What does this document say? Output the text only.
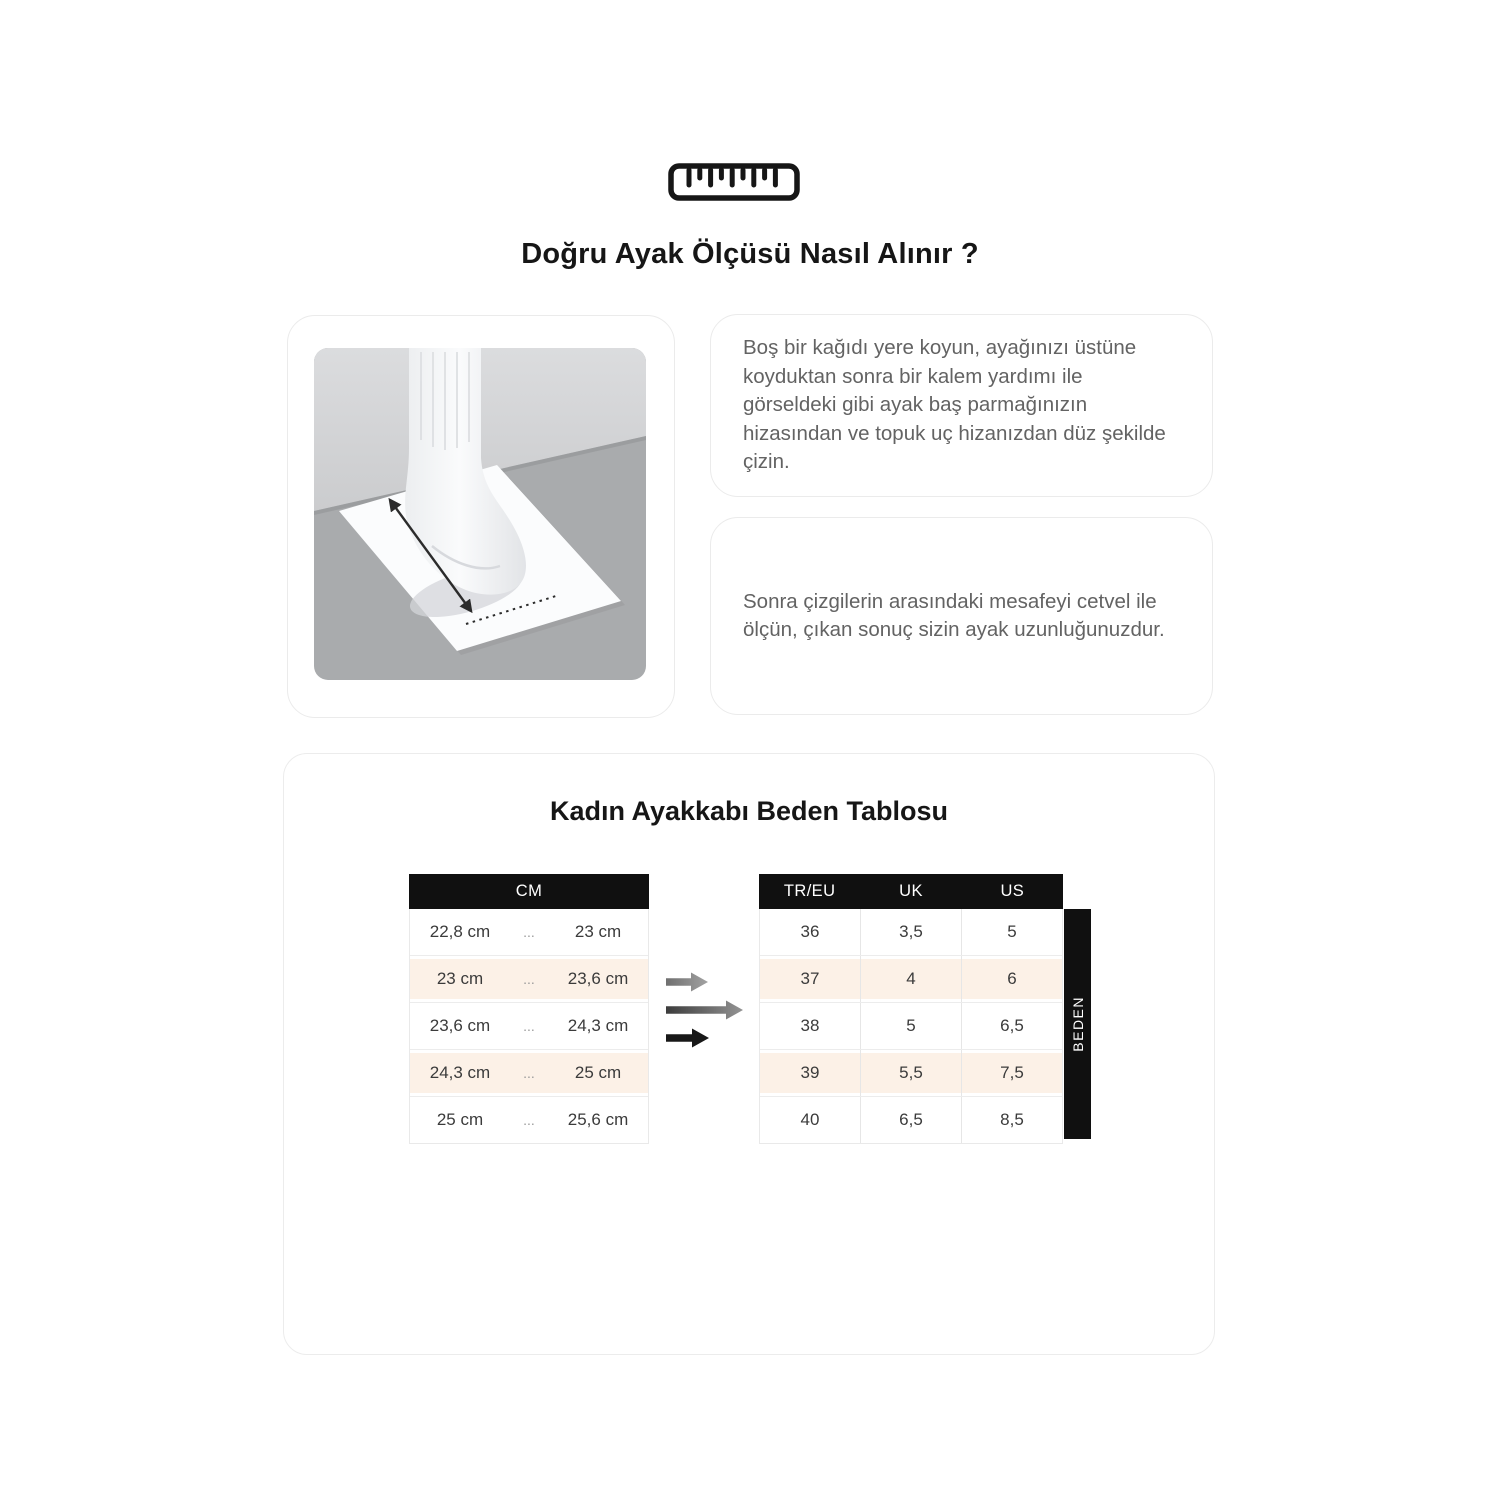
Doğru Ayak Ölçüsü Nasıl Alınır ?

Boş bir kağıdı yere koyun, ayağınızı üstüne koyduktan sonra bir kalem yardımı ile görseldeki gibi ayak baş parmağınızın hizasından ve topuk uç hizanızdan düz şekilde çizin.

Sonra çizgilerin arasındaki mesafeyi cetvel ile ölçün, çıkan sonuç sizin ayak uzunluğunuzdur.

Kadın Ayakkabı Beden Tablosu
CM
22,8 cm	...	23 cm
23 cm	...	23,6 cm
23,6 cm	...	24,3 cm
24,3 cm	...	25 cm
25 cm	...	25,6 cm
TR/EU	UK	US
36	3,5	5
37	4	6
38	5	6,5
39	5,5	7,5
40	6,5	8,5
BEDEN
